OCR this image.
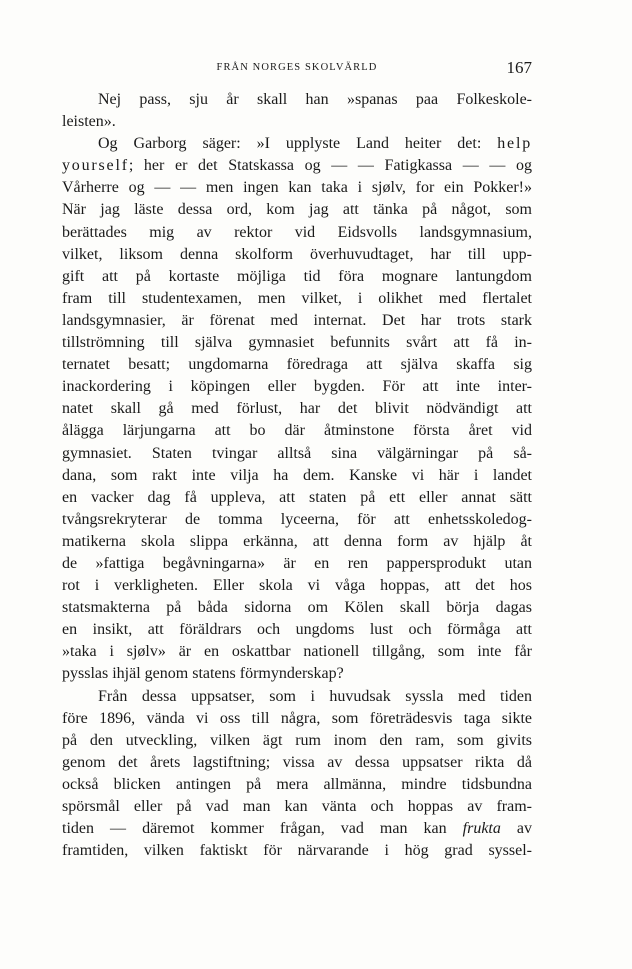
FRÅN NORGES SKOLVÄRLD	167
Nej pass, sju år skall han »spanas paa Folkeskole-
leisten».
Og Garborg säger: »I upplyste Land heiter det: help
yourself; her er det Statskassa og — — Fatigkassa — — og
Vårherre og — — men ingen kan taka i sjølv, for ein Pokker!»
När jag läste dessa ord, kom jag att tänka på något, som
berättades mig av rektor vid Eidsvolls landsgymnasium,
vilket, liksom denna skolform överhuvudtaget, har till upp-
gift att på kortaste möjliga tid föra mognare lantungdom
fram till studentexamen, men vilket, i olikhet med flertalet
landsgymnasier, är förenat med internat. Det har trots stark
tillströmning till själva gymnasiet befunnits svårt att få in-
ternatet besatt; ungdomarna föredraga att själva skaffa sig
inackordering i köpingen eller bygden. För att inte inter-
natet skall gå med förlust, har det blivit nödvändigt att
ålägga lärjungarna att bo där åtminstone första året vid
gymnasiet. Staten tvingar alltså sina välgärningar på så-
dana, som rakt inte vilja ha dem. Kanske vi här i landet
en vacker dag få uppleva, att staten på ett eller annat sätt
tvångsrekryterar de tomma lyceerna, för att enhetsskoledog-
matikerna skola slippa erkänna, att denna form av hjälp åt
de »fattiga begåvningarna» är en ren pappersprodukt utan
rot i verkligheten. Eller skola vi våga hoppas, att det hos
statsmakterna på båda sidorna om Kölen skall börja dagas
en insikt, att föräldrars och ungdoms lust och förmåga att
»taka i sjølv» är en oskattbar nationell tillgång, som inte får
pysslas ihjäl genom statens förmynderskap?
Från dessa uppsatser, som i huvudsak syssla med tiden
före 1896, vända vi oss till några, som företrädesvis taga sikte
på den utveckling, vilken ägt rum inom den ram, som givits
genom det årets lagstiftning; vissa av dessa uppsatser rikta då
också blicken antingen på mera allmänna, mindre tidsbundna
spörsmål eller på vad man kan vänta och hoppas av fram-
tiden — däremot kommer frågan, vad man kan frukta av
framtiden, vilken faktiskt för närvarande i hög grad syssel-
